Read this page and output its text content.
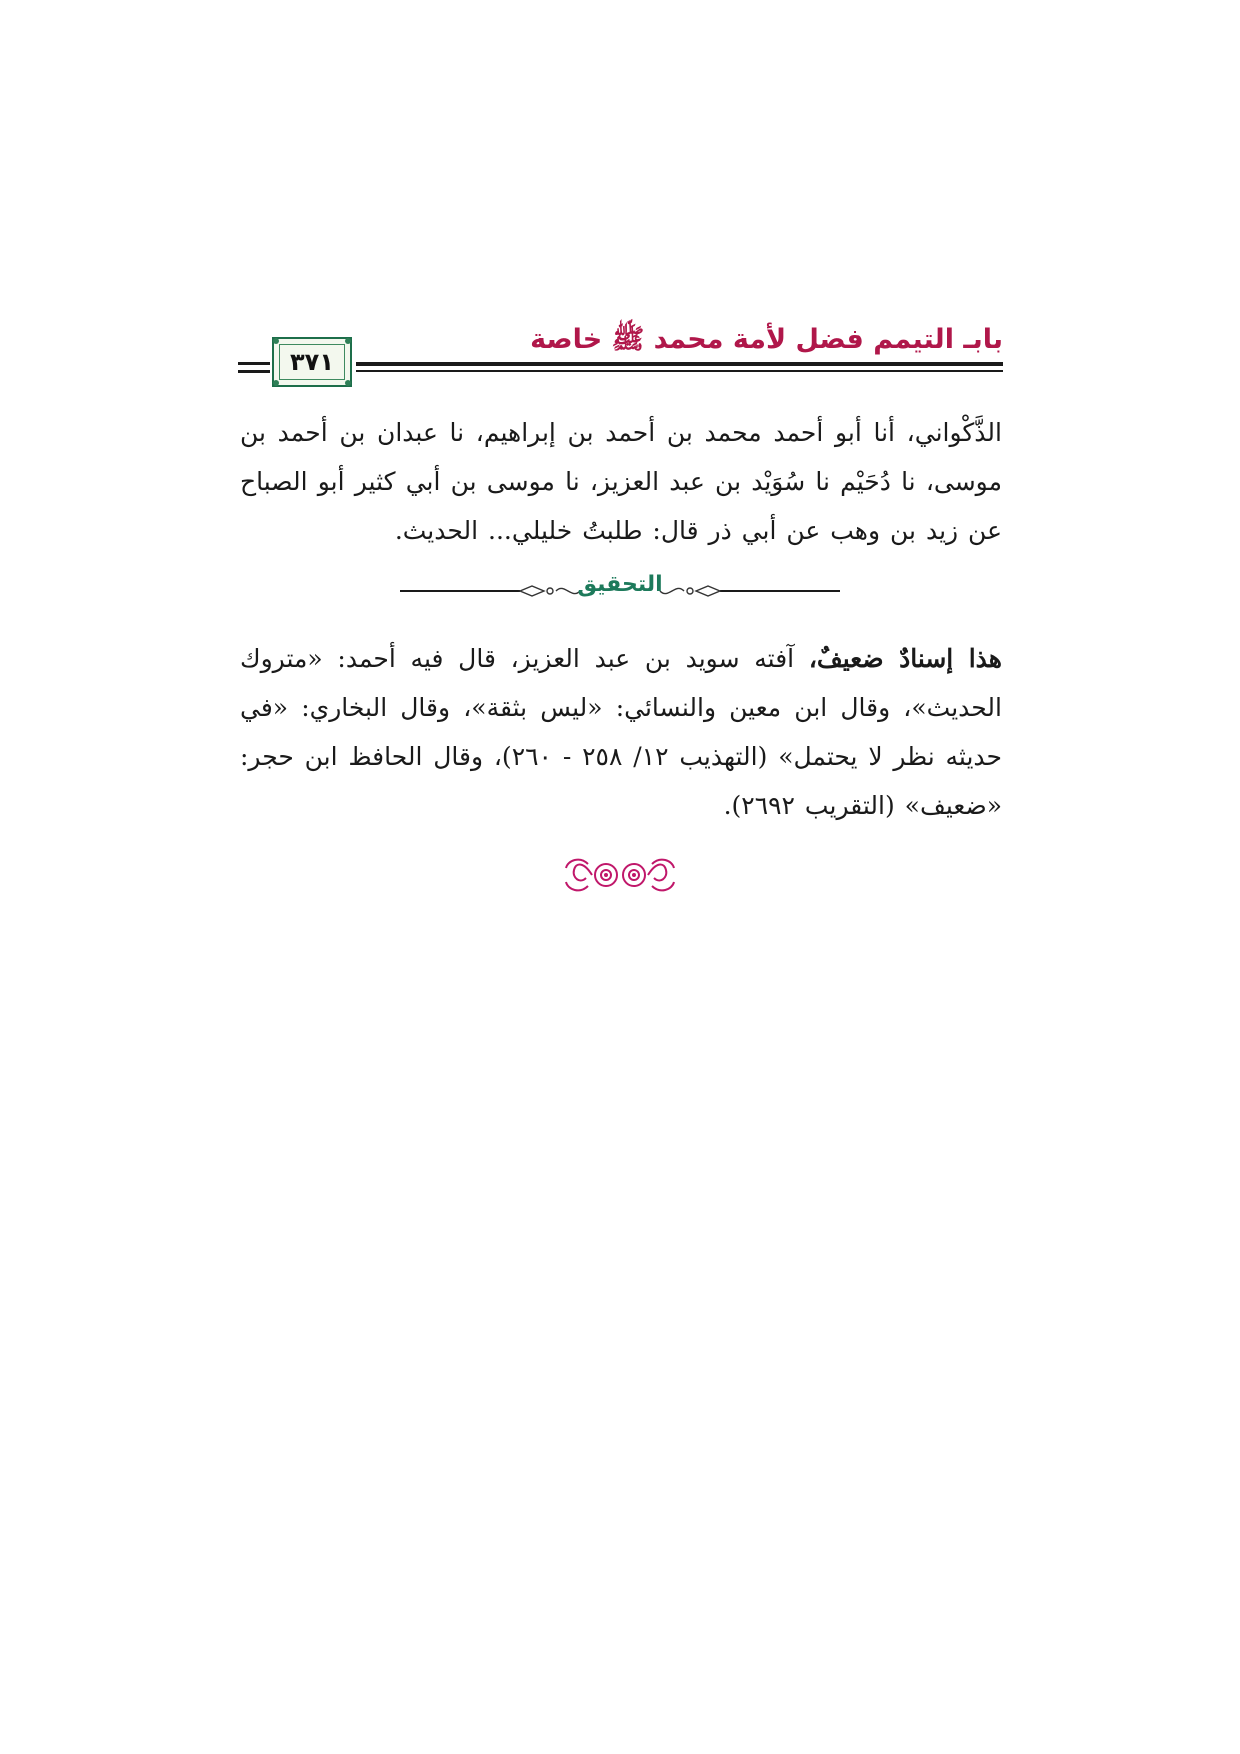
بابـ التيمم فضل لأمة محمد ﷺ خاصة
٣٧١
الذَّكْواني، أنا أبو أحمد محمد بن أحمد بن إبراهيم، نا عبدان بن أحمد بن
موسى، نا دُحَيْم نا سُوَيْد بن عبد العزيز، نا موسى بن أبي كثير أبو الصباح
عن زيد بن وهب عن أبي ذر قال: طلبتُ خليلي... الحديث.
التحقيق
هذا إسنادٌ ضعيفٌ، آفته سويد بن عبد العزيز، قال فيه أحمد: «متروك
الحديث»، وقال ابن معين والنسائي: «ليس بثقة»، وقال البخاري: «في
حديثه نظر لا يحتمل» (التهذيب ١٢/ ٢٥٨ - ٢٦٠)، وقال الحافظ ابن حجر:
«ضعيف» (التقريب ٢٦٩٢).
